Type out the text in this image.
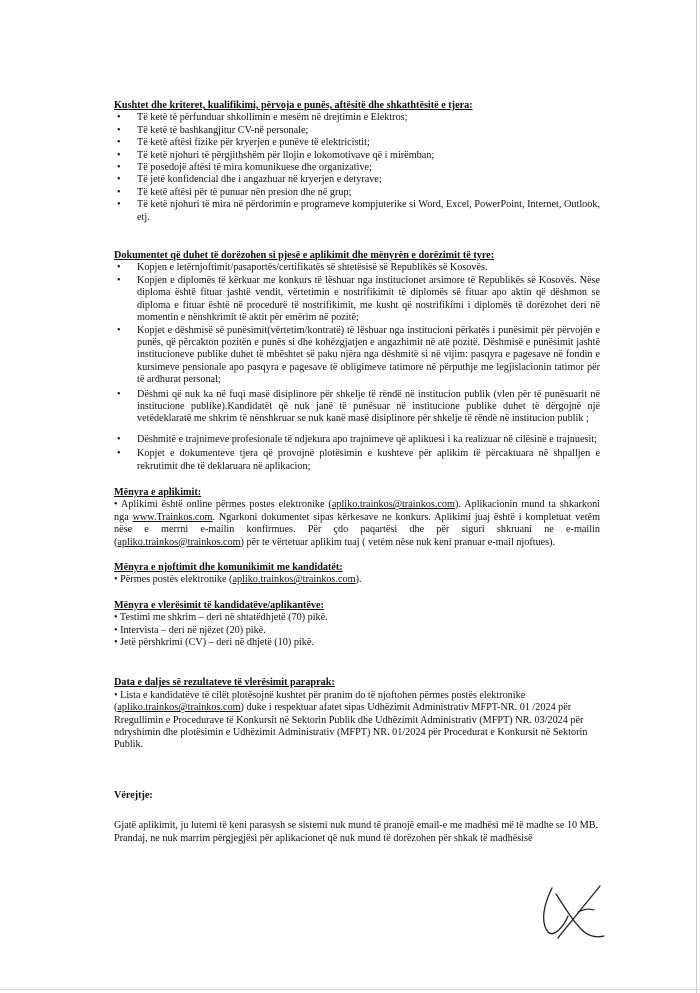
Kushtet dhe kriteret, kualifikimi, përvoja e punës, aftësitë dhe shkathtësitë e tjera:

• Të ketë të përfunduar shkollimin e mesëm në drejtimin e Elektros;
• Të ketë të bashkangjitur CV-në personale;
• Të ketë aftësi fizike për kryerjen e punëve të elektricistit;
• Të ketë njohuri të përgjithshëm për llojin e lokomotivave që i mirëmban;
• Të posedojë aftësi të mira komunikuese dhe organizative;
• Të jetë konfidencial dhe i angazhuar në kryerjen e detyrave;
• Të ketë aftësi për të punuar nën presion dhe në grup;
• Të ketë njohuri të mira në përdorimin e programeve kompjuterike si Word, Excel, PowerPoint, Internet, Outlook, etj.

Dokumentet që duhet të dorëzohen si pjesë e aplikimit dhe mënyrën e dorëzimit të tyre:

• Kopjen e letërnjoftimit/pasaportës/certifikatës së shtetësisë së Republikës së Kosovës.
• Kopjen e diplomës të kërkuar me konkurs të lëshuar nga institucionet arsimore të Republikës së Kosovës. Nëse diploma është fituar jashtë vendit, vërtetimin e nostrifikimit të diplomës së fituar apo aktin që dëshmon se diploma e fituar është në procedurë të nostrifikimit, me kusht që nostrifikimi i diplomës të dorëzohet deri në momentin e nënshkrimit të aktit për emërim në pozitë;
• Kopjet e dëshmisë së punësimit(vërtetim/kontratë) të lëshuar nga institucioni përkatës i punësimit për përvojën e punës, që përcakton pozitën e punës si dhe kohëzgjatjen e angazhimit në atë pozitë. Dëshmisë e punësimit jashtë institucioneve publike duhet të mbështet së paku njëra nga dëshmitë si në vijim: pasqyra e pagesave në fondin e kursimeve pensionale apo pasqyra e pagesave të obligimeve tatimore në përputhje me legjislacionin tatimor për të ardhurat personal;
• Dëshmi që nuk ka në fuqi masë disiplinore për shkelje të rëndë në institucion publik (vlen për të punësuarit në institucione publike).Kandidatët që nuk janë të punësuar në institucione publike duhet të dërgojnë një vetëdeklaratë me shkrim të nënshkruar se nuk kanë masë disiplinore për shkelje të rëndë në institucion publik ;
• Dëshmitë e trajnimeve profesionale të ndjekura apo trajnimeve që aplikuesi i ka realizuar në cilësinë e trajnuesit;
• Kopjet e dokumenteve tjera që provojnë plotësimin e kushteve për aplikim të përcaktuara në shpalljen e rekrutimit dhe të deklaruara në aplikacion;

Mënyra e aplikimit:

• Aplikimi është online përmes postes elektronike (apliko.trainkos@trainkos.com). Aplikacionin mund ta shkarkoni nga www.Trainkos.com. Ngarkoni dokumentet sipas kërkesave ne konkurs. Aplikimi juaj është i kompletuat vetëm nëse e merrni e-mailin konfirmues. Për çdo paqartësi dhe për siguri shkruani ne e-mailin (apliko.trainkos@trainkos.com) për te vërtetuar aplikim tuaj ( vetëm nëse nuk keni pranuar e-mail njoftues).

Mënyra e njoftimit dhe komunikimit me kandidatët:

• Përmes postës elektronike (apliko.trainkos@trainkos.com).

Mënyra e vlerësimit të kandidatëve/aplikantëve:

• Testimi me shkrim – deri në shtatëdhjetë (70) pikë.

• Intervista – deri në njëzet (20) pikë.

• Jetë përshkrimi (CV) – deri në dhjetë (10) pikë.

Data e daljes së rezultateve të vlerësimit paraprak:

• Lista e kandidatëve të cilët plotësojnë kushtet për pranim do të njoftohen përmes postës elektronike (apliko.trainkos@trainkos.com) duke i respektuar afatet sipas Udhëzimit Administrativ MFPT-NR. 01 /2024 për Rregullimin e Procedurave të Konkursit në Sektorin Publik dhe Udhëzimit Administrativ (MFPT) NR. 03/2024 për ndryshimin dhe plotësimin e Udhëzimit Administrativ (MFPT) NR. 01/2024 për Procedurat e Konkursit në Sektorin Publik.

Vërejtje:

Gjatë aplikimit, ju lutemi të keni parasysh se sistemi nuk mund të pranojë email-e me madhësi më të madhe se 10 MB. Prandaj, ne nuk marrim përgjegjësi për aplikacionet që nuk mund të dorëzohen për shkak të madhësisë
